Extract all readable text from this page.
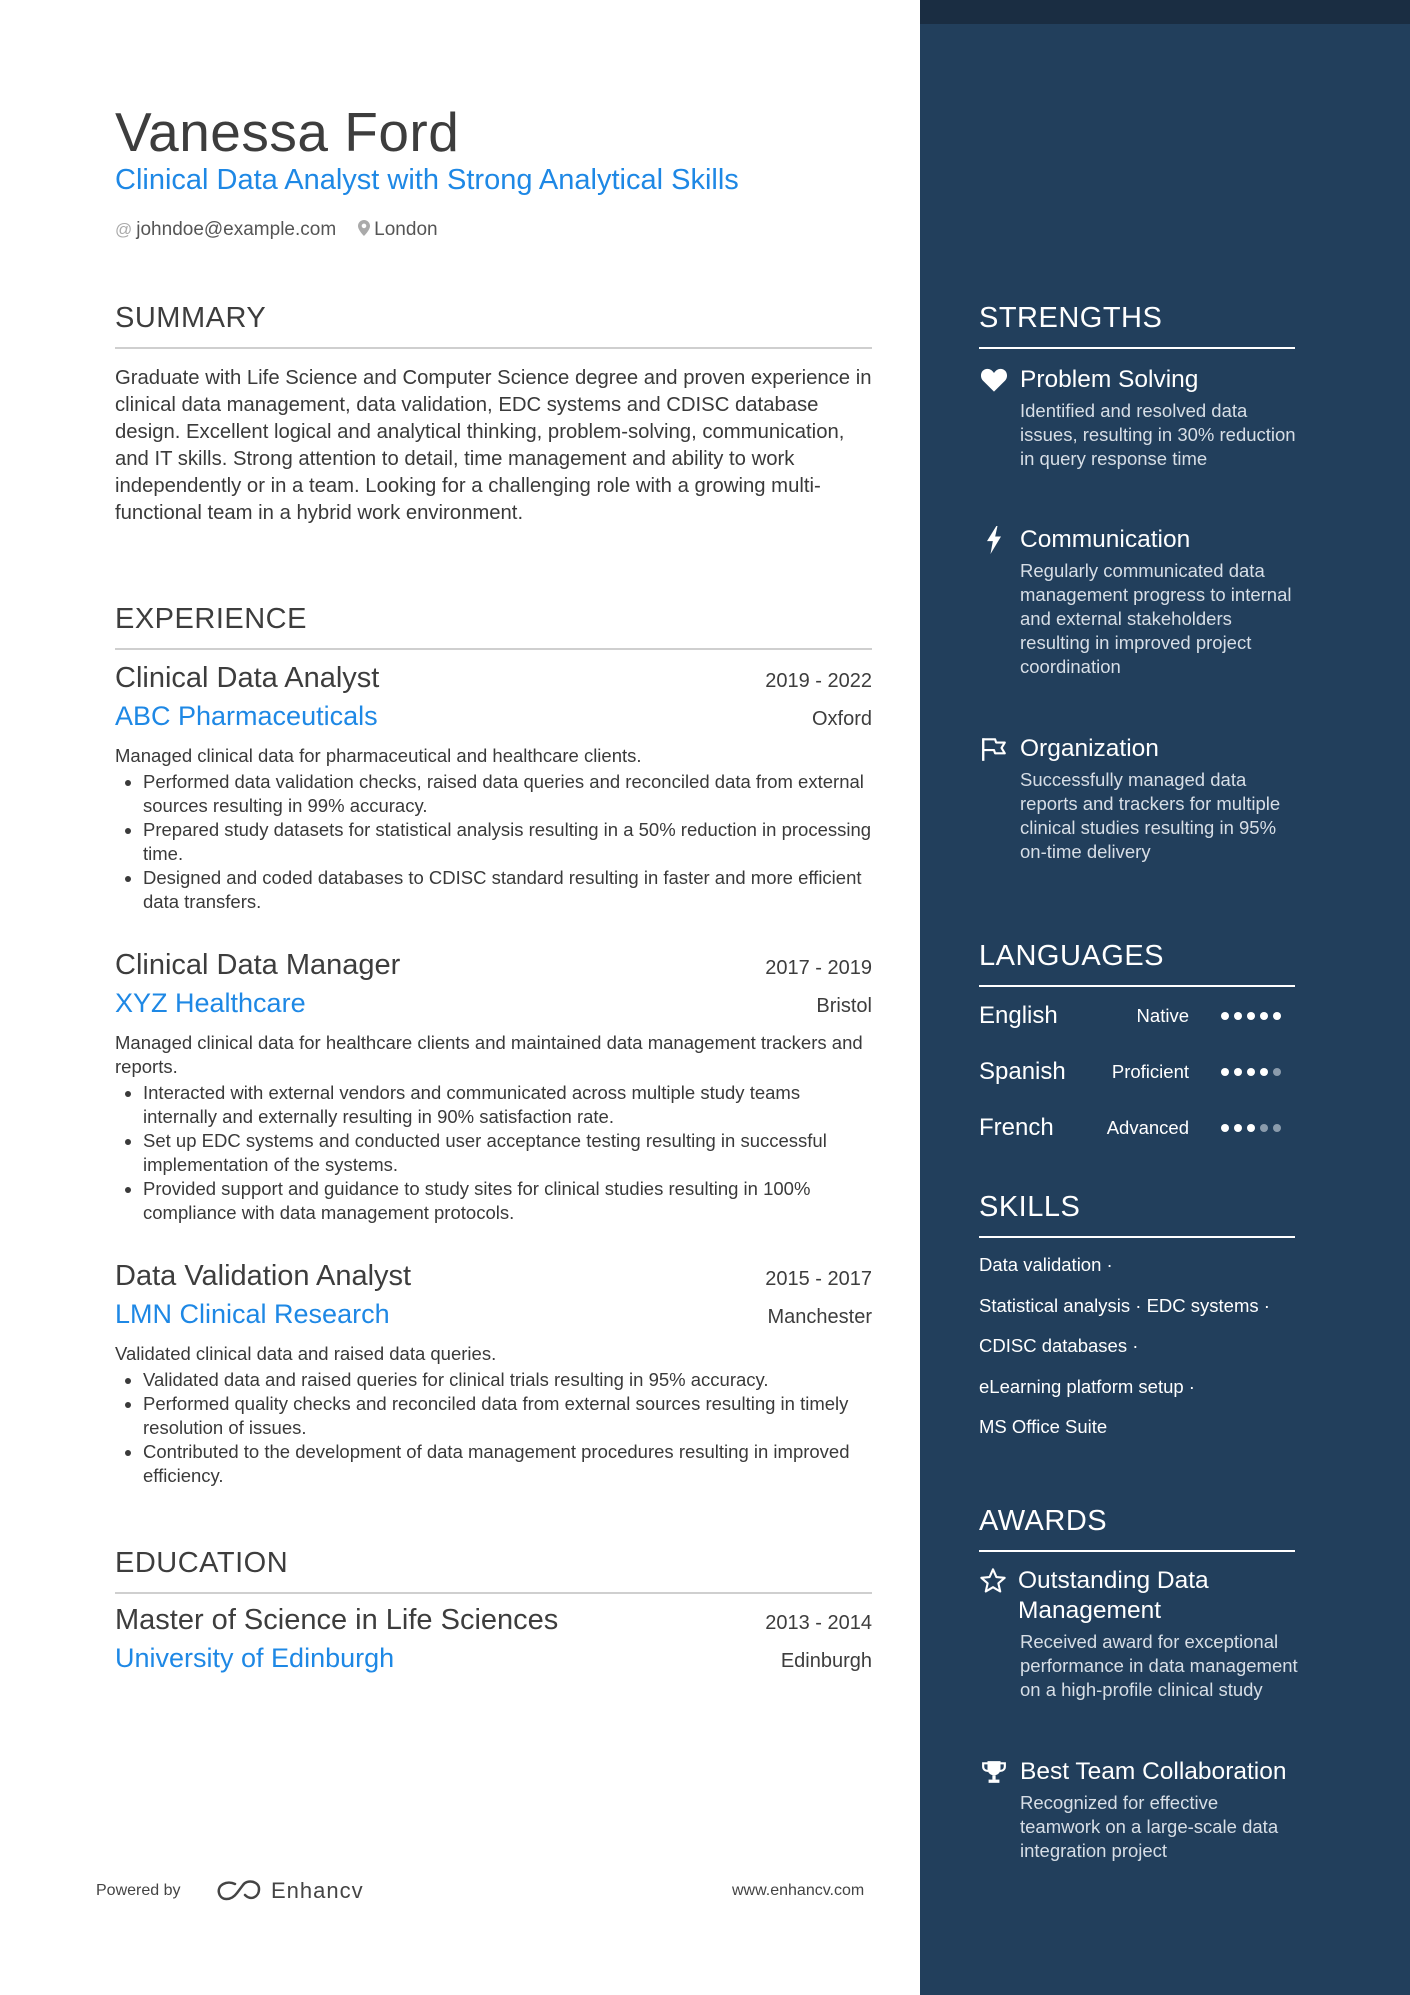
Vanessa Ford
Clinical Data Analyst with Strong Analytical Skills
@ johndoe@example.com London
SUMMARY
Graduate with Life Science and Computer Science degree and proven experience in clinical data management, data validation, EDC systems and CDISC database design. Excellent logical and analytical thinking, problem-solving, communication, and IT skills. Strong attention to detail, time management and ability to work independently or in a team. Looking for a challenging role with a growing multi-functional team in a hybrid work environment.
EXPERIENCE
Clinical Data Analyst	2019 - 2022
ABC Pharmaceuticals	Oxford
Managed clinical data for pharmaceutical and healthcare clients.
• Performed data validation checks, raised data queries and reconciled data from external sources resulting in 99% accuracy.
• Prepared study datasets for statistical analysis resulting in a 50% reduction in processing time.
• Designed and coded databases to CDISC standard resulting in faster and more efficient data transfers.
Clinical Data Manager	2017 - 2019
XYZ Healthcare	Bristol
Managed clinical data for healthcare clients and maintained data management trackers and reports.
• Interacted with external vendors and communicated across multiple study teams internally and externally resulting in 90% satisfaction rate.
• Set up EDC systems and conducted user acceptance testing resulting in successful implementation of the systems.
• Provided support and guidance to study sites for clinical studies resulting in 100% compliance with data management protocols.
Data Validation Analyst	2015 - 2017
LMN Clinical Research	Manchester
Validated clinical data and raised data queries.
• Validated data and raised queries for clinical trials resulting in 95% accuracy.
• Performed quality checks and reconciled data from external sources resulting in timely resolution of issues.
• Contributed to the development of data management procedures resulting in improved efficiency.
EDUCATION
Master of Science in Life Sciences	2013 - 2014
University of Edinburgh	Edinburgh
Powered by	Enhancv	www.enhancv.com
STRENGTHS
Problem Solving
Identified and resolved data issues, resulting in 30% reduction in query response time
Communication
Regularly communicated data management progress to internal and external stakeholders resulting in improved project coordination
Organization
Successfully managed data reports and trackers for multiple clinical studies resulting in 95% on-time delivery
LANGUAGES
English	Native
Spanish	Proficient
French	Advanced
SKILLS
Data validation ·
Statistical analysis · EDC systems ·
CDISC databases ·
eLearning platform setup ·
MS Office Suite
AWARDS
Outstanding Data Management
Received award for exceptional performance in data management on a high-profile clinical study
Best Team Collaboration
Recognized for effective teamwork on a large-scale data integration project
